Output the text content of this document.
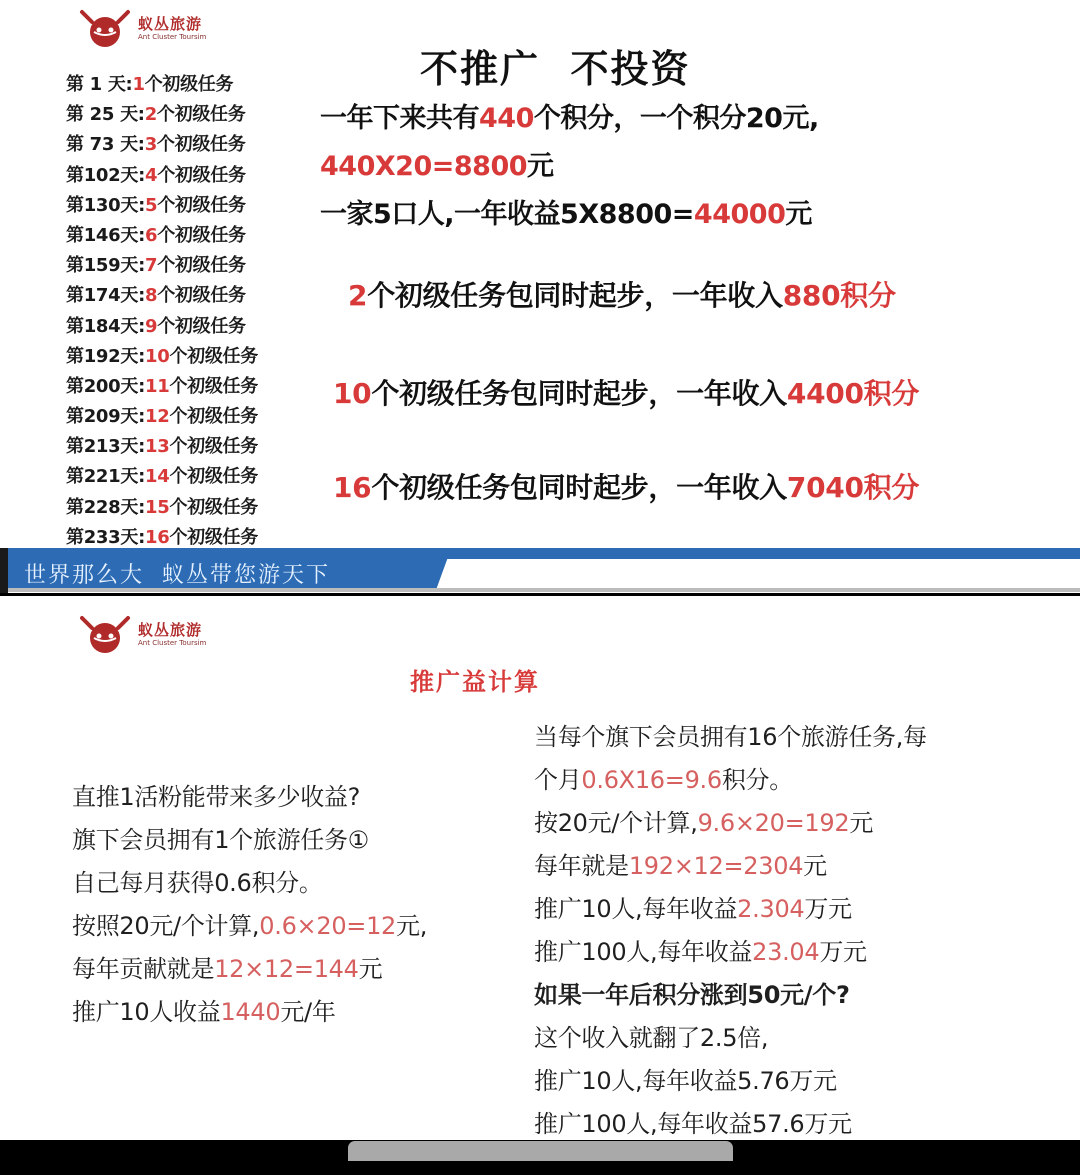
蚁丛旅游
Ant Cluster Toursim
第 1 天:1个初级任务
第 25 天:2个初级任务
第 73 天:3个初级任务
第102天:4个初级任务
第130天:5个初级任务
第146天:6个初级任务
第159天:7个初级任务
第174天:8个初级任务
第184天:9个初级任务
第192天:10个初级任务
第200天:11个初级任务
第209天:12个初级任务
第213天:13个初级任务
第221天:14个初级任务
第228天:15个初级任务
第233天:16个初级任务
不推广  不投资
一年下来共有440个积分，一个积分20元,
440X20=8800元
一家5口人,一年收益5X8800=44000元
2个初级任务包同时起步，一年收入880积分
10个初级任务包同时起步，一年收入4400积分
16个初级任务包同时起步，一年收入7040积分
世界那么大  蚁丛带您游天下
蚁丛旅游
Ant Cluster Toursim
推广益计算
直推1活粉能带来多少收益?
旗下会员拥有1个旅游任务①
自己每月获得0.6积分。
按照20元/个计算,0.6×20=12元,
每年贡献就是12×12=144元
推广10人收益1440元/年
当每个旗下会员拥有16个旅游任务,每
个月0.6X16=9.6积分。
按20元/个计算,9.6×20=192元
每年就是192×12=2304元
推广10人,每年收益2.304万元
推广100人,每年收益23.04万元
如果一年后积分涨到50元/个?
这个收入就翻了2.5倍,
推广10人,每年收益5.76万元
推广100人,每年收益57.6万元
